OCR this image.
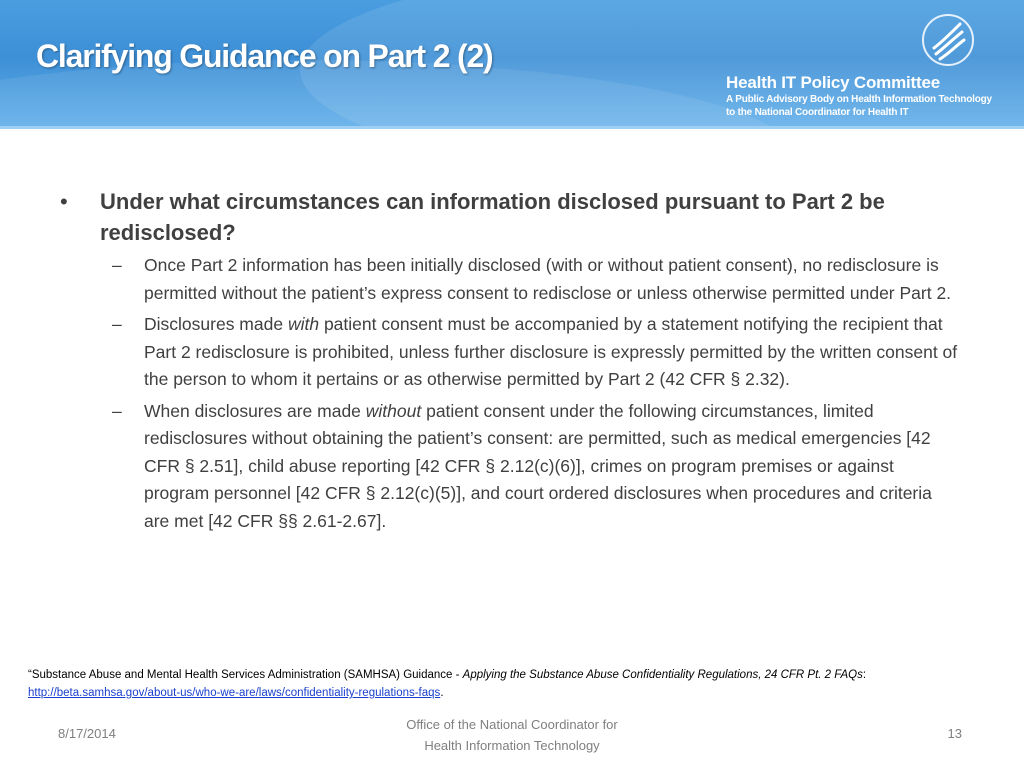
Clarifying Guidance on Part 2 (2)
Health IT Policy Committee
A Public Advisory Body on Health Information Technology
to the National Coordinator for Health IT
•	Under what circumstances can information disclosed pursuant to Part 2 be redisclosed?
–	Once Part 2 information has been initially disclosed (with or without patient consent), no redisclosure is permitted without the patient’s express consent to redisclose or unless otherwise permitted under Part 2.
–	Disclosures made with patient consent must be accompanied by a statement notifying the recipient that Part 2 redisclosure is prohibited, unless further disclosure is expressly permitted by the written consent of the person to whom it pertains or as otherwise permitted by Part 2 (42 CFR § 2.32).
–	When disclosures are made without patient consent under the following circumstances, limited redisclosures without obtaining the patient’s consent: are permitted, such as medical emergencies [42 CFR § 2.51], child abuse reporting [42 CFR § 2.12(c)(6)], crimes on program premises or against program personnel [42 CFR § 2.12(c)(5)], and court ordered disclosures when procedures and criteria are met [42 CFR §§ 2.61-2.67].
“Substance Abuse and Mental Health Services Administration (SAMHSA) Guidance - Applying the Substance Abuse Confidentiality Regulations, 24 CFR Pt. 2 FAQs:
http://beta.samhsa.gov/about-us/who-we-are/laws/confidentiality-regulations-faqs.
8/17/2014
Office of the National Coordinator for
Health Information Technology
13
